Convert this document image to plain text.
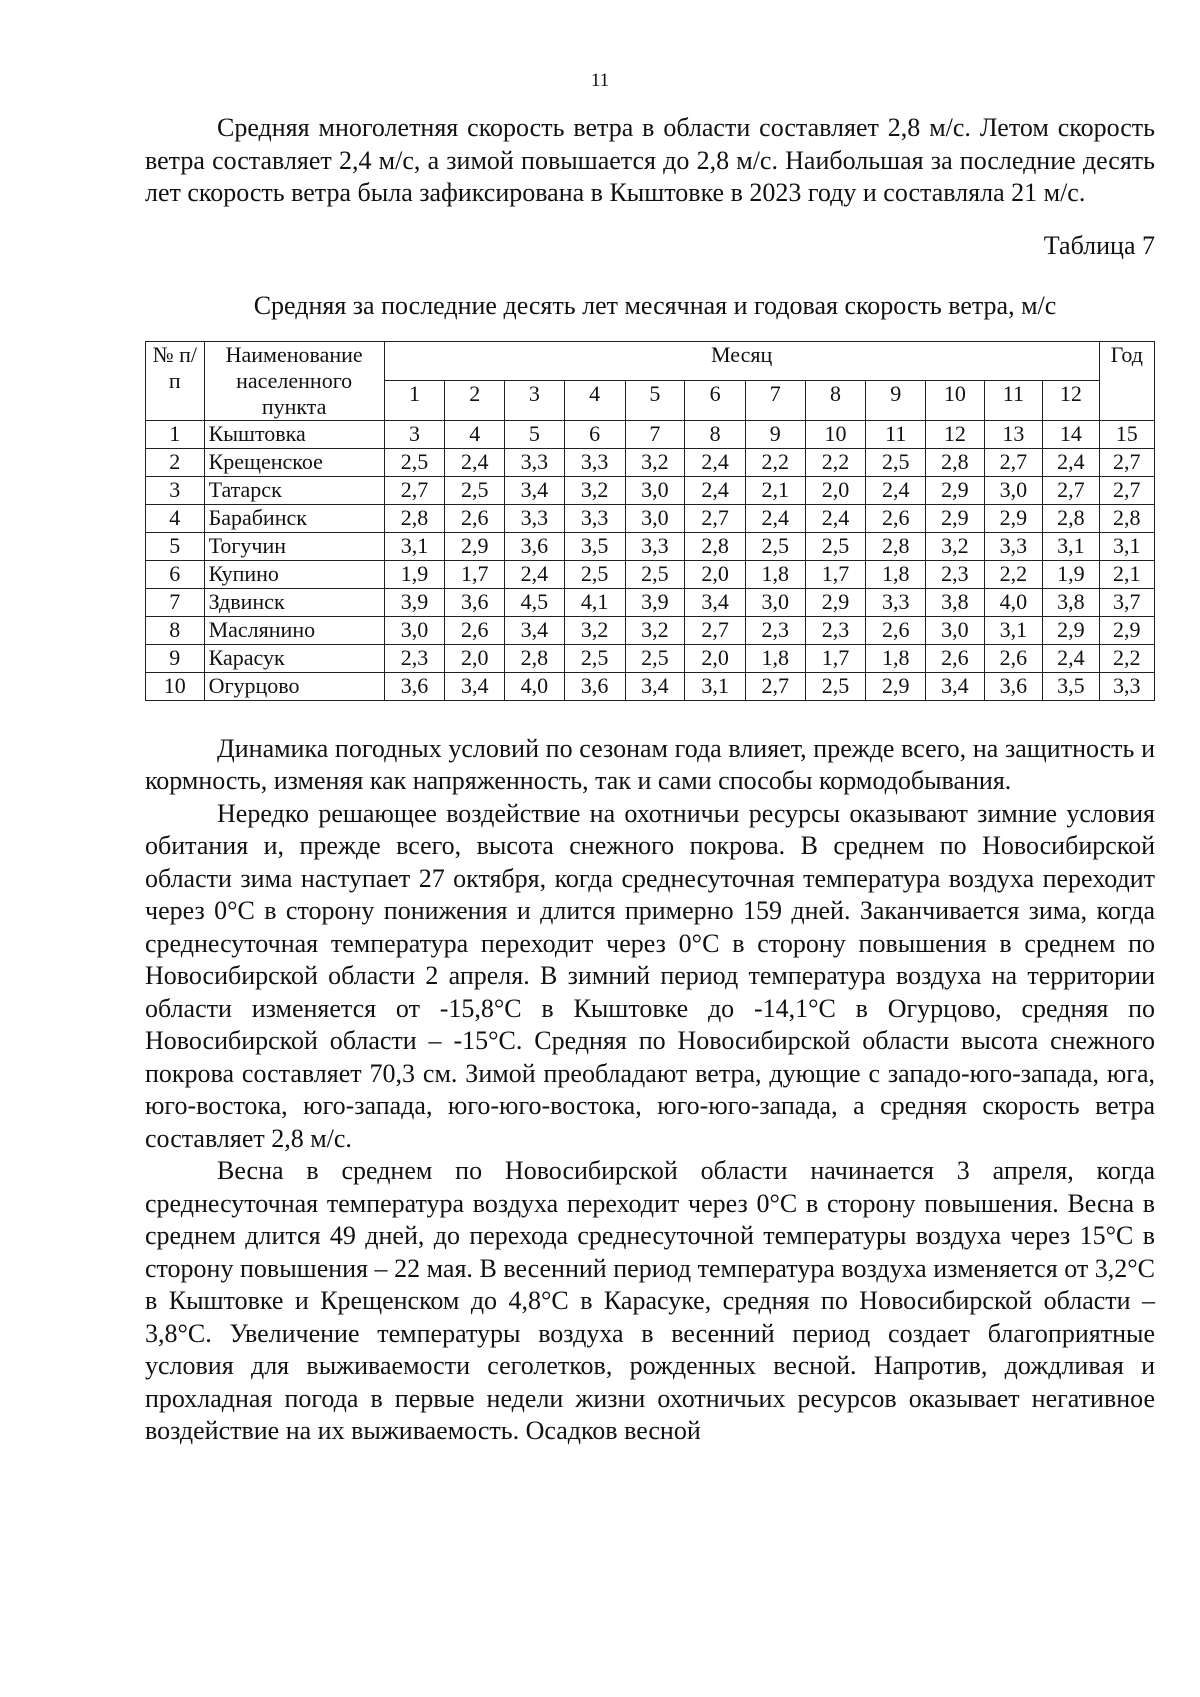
11

Средняя многолетняя скорость ветра в области составляет 2,8 м/с. Летом скорость ветра составляет 2,4 м/с, а зимой повышается до 2,8 м/с. Наибольшая за последние десять лет скорость ветра была зафиксирована в Кыштовке в 2023 году и составляла 21 м/с.

Таблица 7

Средняя за последние десять лет месячная и годовая скорость ветра, м/с

№ п/п	Наименование населенного пункта	Месяц												Год
		1	2	3	4	5	6	7	8	9	10	11	12	
1	Кыштовка	3	4	5	6	7	8	9	10	11	12	13	14	15
2	Крещенское	2,5	2,4	3,3	3,3	3,2	2,4	2,2	2,2	2,5	2,8	2,7	2,4	2,7
3	Татарск	2,7	2,5	3,4	3,2	3,0	2,4	2,1	2,0	2,4	2,9	3,0	2,7	2,7
4	Барабинск	2,8	2,6	3,3	3,3	3,0	2,7	2,4	2,4	2,6	2,9	2,9	2,8	2,8
5	Тогучин	3,1	2,9	3,6	3,5	3,3	2,8	2,5	2,5	2,8	3,2	3,3	3,1	3,1
6	Купино	1,9	1,7	2,4	2,5	2,5	2,0	1,8	1,7	1,8	2,3	2,2	1,9	2,1
7	Здвинск	3,9	3,6	4,5	4,1	3,9	3,4	3,0	2,9	3,3	3,8	4,0	3,8	3,7
8	Маслянино	3,0	2,6	3,4	3,2	3,2	2,7	2,3	2,3	2,6	3,0	3,1	2,9	2,9
9	Карасук	2,3	2,0	2,8	2,5	2,5	2,0	1,8	1,7	1,8	2,6	2,6	2,4	2,2
10	Огурцово	3,6	3,4	4,0	3,6	3,4	3,1	2,7	2,5	2,9	3,4	3,6	3,5	3,3

Динамика погодных условий по сезонам года влияет, прежде всего, на защитность и кормность, изменяя как напряженность, так и сами способы кормодобывания.

Нередко решающее воздействие на охотничьи ресурсы оказывают зимние условия обитания и, прежде всего, высота снежного покрова. В среднем по Новосибирской области зима наступает 27 октября, когда среднесуточная температура воздуха переходит через 0°С в сторону понижения и длится примерно 159 дней. Заканчивается зима, когда среднесуточная температура переходит через 0°С в сторону повышения в среднем по Новосибирской области 2 апреля. В зимний период температура воздуха на территории области изменяется от -15,8°С в Кыштовке до -14,1°С в Огурцово, средняя по Новосибирской области – -15°С. Средняя по Новосибирской области высота снежного покрова составляет 70,3 см. Зимой преобладают ветра, дующие с западо-юго-запада, юга, юго-востока, юго-запада, юго-юго-востока, юго-юго-запада, а средняя скорость ветра составляет 2,8 м/с.

Весна в среднем по Новосибирской области начинается 3 апреля, когда среднесуточная температура воздуха переходит через 0°С в сторону повышения. Весна в среднем длится 49 дней, до перехода среднесуточной температуры воздуха через 15°С в сторону повышения – 22 мая. В весенний период температура воздуха изменяется от 3,2°С в Кыштовке и Крещенском до 4,8°С в Карасуке, средняя по Новосибирской области – 3,8°С. Увеличение температуры воздуха в весенний период создает благоприятные условия для выживаемости сеголетков, рожденных весной. Напротив, дождливая и прохладная погода в первые недели жизни охотничьих ресурсов оказывает негативное воздействие на их выживаемость. Осадков весной
